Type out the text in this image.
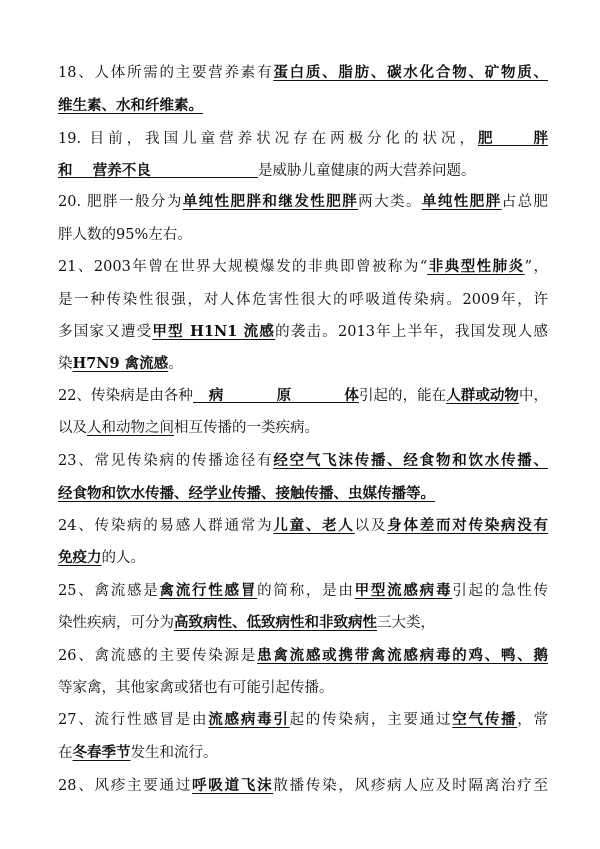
18、人体所需的主要营养素有蛋白质、脂肪、碳水化合物、矿物质、
维生素、水和纤维素。
19. 目前，我国儿童营养状况存在两极分化的状况，肥胖
和 营养不良	是威胁儿童健康的两大营养问题。
20. 肥胖一般分为单纯性肥胖和继发性肥胖两大类。单纯性肥胖占总肥
胖人数的95%左右。
21、2003年曾在世界大规模爆发的非典即曾被称为“非典型性肺炎”，
是一种传染性很强，对人体危害性很大的呼吸道传染病。2009年，许
多国家又遭受甲型 H1N1 流感的袭击。2013年上半年，我国发现人感
染H7N9 禽流感。
22、传染病是由各种 病原体引起的，能在人群或动物中，
以及人和动物之间相互传播的一类疾病。
23、常见传染病的传播途径有经空气飞沫传播、经食物和饮水传播、
经食物和饮水传播、经学业传播、接触传播、虫媒传播等。
24、传染病的易感人群通常为儿童、老人以及身体差而对传染病没有
免疫力的人。
25、禽流感是禽流行性感冒的简称，是由甲型流感病毒引起的急性传
染性疾病，可分为高致病性、低致病性和非致病性三大类，
26、禽流感的主要传染源是患禽流感或携带禽流感病毒的鸡、鸭、鹅
等家禽，其他家禽或猪也有可能引起传播。
27、流行性感冒是由流感病毒引起的传染病，主要通过空气传播，常
在冬春季节发生和流行。
28、风疹主要通过呼吸道飞沫散播传染，风疹病人应及时隔离治疗至
